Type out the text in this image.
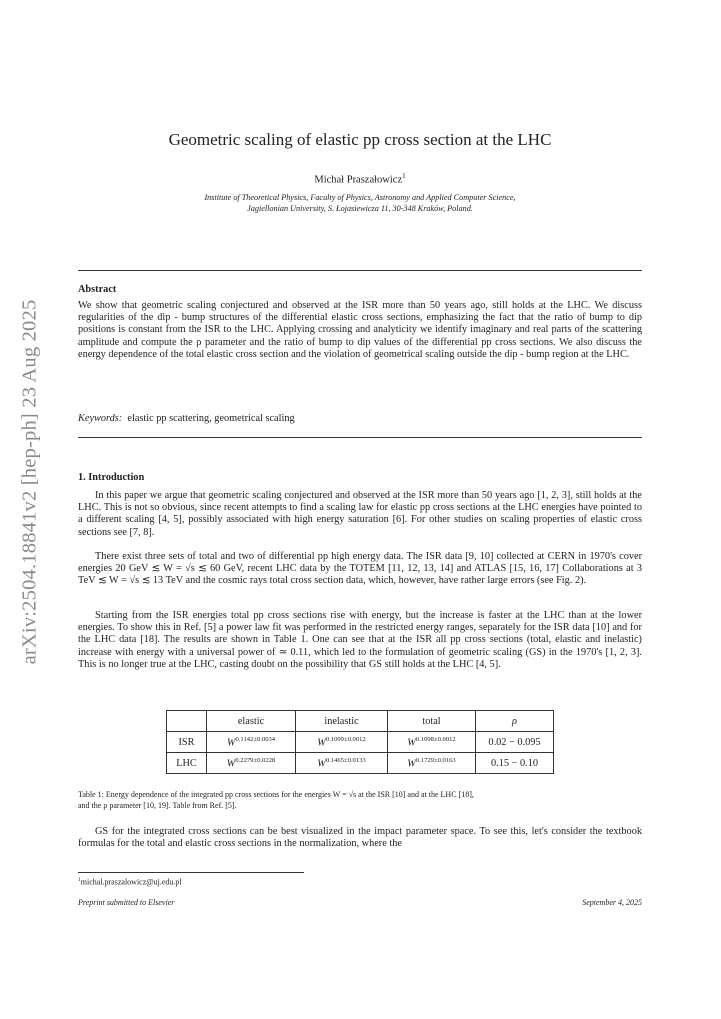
arXiv:2504.18841v2 [hep-ph] 23 Aug 2025
Geometric scaling of elastic pp cross section at the LHC
Michał Praszałowicz$^1$
Institute of Theoretical Physics, Faculty of Physics, Astronomy and Applied Computer Science,
Jagiellonian University, S. Łojasiewicza 11, 30-348 Kraków, Poland.
Abstract
We show that geometric scaling conjectured and observed at the ISR more than 50 years ago, still holds at the LHC. We discuss regularities of the dip - bump structures of the differential elastic cross sections, emphasizing the fact that the ratio of bump to dip positions is constant from the ISR to the LHC. Applying crossing and analyticity we identify imaginary and real parts of the scattering amplitude and compute the ρ parameter and the ratio of bump to dip values of the differential pp cross sections. We also discuss the energy dependence of the total elastic cross section and the violation of geometrical scaling outside the dip - bump region at the LHC.
Keywords: elastic pp scattering, geometrical scaling
1. Introduction
In this paper we argue that geometric scaling conjectured and observed at the ISR more than 50 years ago [1, 2, 3], still holds at the LHC. This is not so obvious, since recent attempts to find a scaling law for elastic pp cross sections at the LHC energies have pointed to a different scaling [4, 5], possibly associated with high energy saturation [6]. For other studies on scaling properties of elastic cross sections see [7, 8].
There exist three sets of total and two of differential pp high energy data. The ISR data [9, 10] collected at CERN in 1970's cover energies 20 GeV ≲ W = √s ≲ 60 GeV, recent LHC data by the TOTEM [11, 12, 13, 14] and ATLAS [15, 16, 17] Collaborations at 3 TeV ≲ W = √s ≲ 13 TeV and the cosmic rays total cross section data, which, however, have rather large errors (see Fig. 2).
Starting from the ISR energies total pp cross sections rise with energy, but the increase is faster at the LHC than at the lower energies. To show this in Ref. [5] a power law fit was performed in the restricted energy ranges, separately for the ISR data [10] and for the LHC data [18]. The results are shown in Table 1. One can see that at the ISR all pp cross sections (total, elastic and inelastic) increase with energy with a universal power of ≃ 0.11, which led to the formulation of geometric scaling (GS) in the 1970's [1, 2, 3]. This is no longer true at the LHC, casting doubt on the possibility that GS still holds at the LHC [4, 5].
	elastic	inelastic	total	ρ
ISR	$W^{0.1142\pm 0.0034}$	$W^{0.1099\pm 0.0012}$	$W^{0.1098\pm 0.0012}$	0.02 − 0.095
LHC	$W^{0.2279\pm 0.0228}$	$W^{0.1465\pm 0.0133}$	$W^{0.1729\pm 0.0163}$	0.15 − 0.10
Table 1: Energy dependence of the integrated pp cross sections for the energies W = √s at the ISR [10] and at the LHC [18],
and the ρ parameter [10, 19]. Table from Ref. [5].
GS for the integrated cross sections can be best visualized in the impact parameter space. To see this, let's consider the textbook formulas for the total and elastic cross sections in the normalization, where the
$^1$michal.praszalowicz@uj.edu.pl
Preprint submitted to Elsevier	September 4, 2025
